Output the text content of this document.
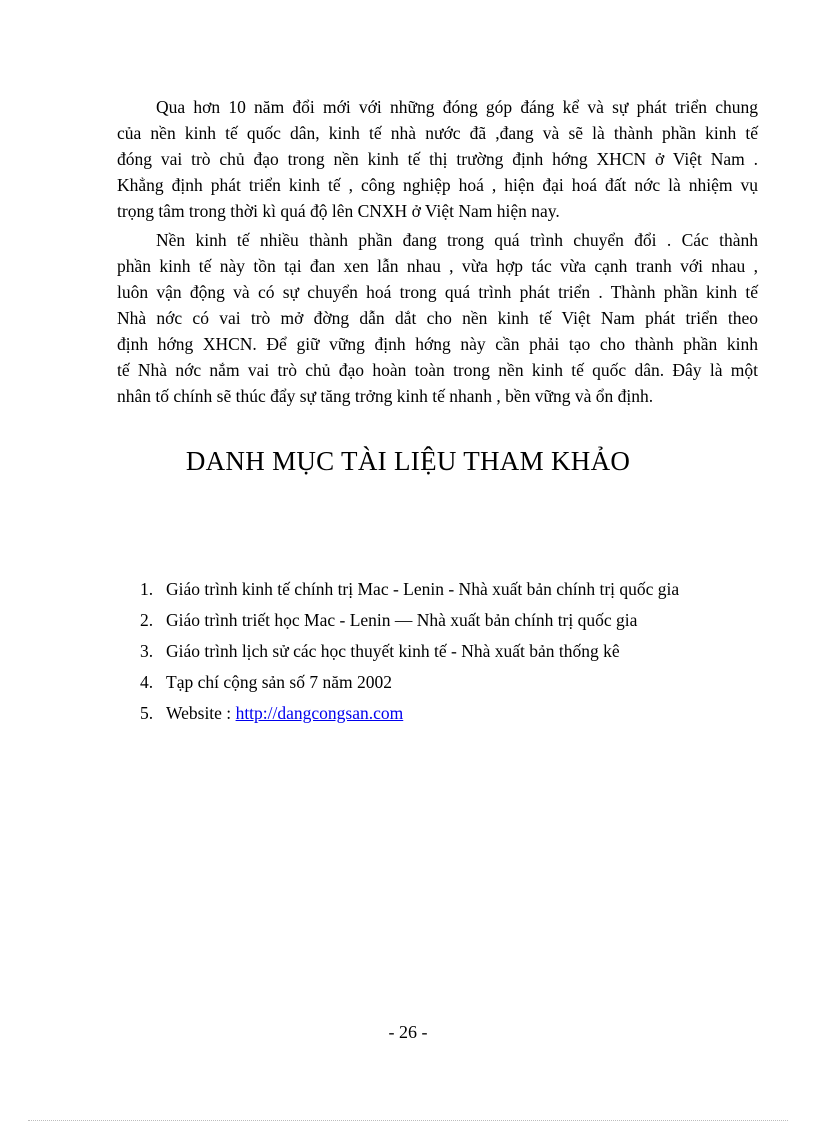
Qua hơn 10 năm đổi mới với những đóng góp đáng kể và sự phát triển chung
của nền kinh tế quốc dân, kinh tế nhà nước đã ,đang và sẽ là thành phần kinh tế
đóng vai trò chủ đạo trong nền kinh tế thị trường định hớng XHCN ở Việt Nam .
Khẳng định phát triển kinh tế , công nghiệp hoá , hiện đại hoá đất nớc là nhiệm vụ
trọng tâm trong thời kì quá độ lên CNXH ở Việt Nam hiện nay.

Nền kinh tế nhiều thành phần đang trong quá trình chuyển đổi . Các thành
phần kinh tế này tồn tại đan xen lẫn nhau , vừa hợp tác vừa cạnh tranh với nhau ,
luôn vận động và có sự chuyển hoá trong quá trình phát triển . Thành phần kinh tế
Nhà nớc có vai trò mở đờng dẫn dắt cho nền kinh tế Việt Nam phát triển theo
định hớng XHCN. Để giữ vững định hớng này cần phải tạo cho thành phần kinh
tế Nhà nớc nắm vai trò chủ đạo hoàn toàn trong nền kinh tế quốc dân. Đây là một
nhân tố chính sẽ thúc đẩy sự tăng trởng kinh tế nhanh , bền vững và ổn định.

DANH MỤC TÀI LIỆU THAM KHẢO
1. Giáo trình kinh tế chính trị Mac - Lenin - Nhà xuất bản chính trị quốc gia
2. Giáo trình triết học Mac - Lenin — Nhà xuất bản chính trị quốc gia
3. Giáo trình lịch sử các học thuyết kinh tế - Nhà xuất bản thống kê
4. Tạp chí cộng sản số 7 năm 2002
5. Website : http://dangcongsan.com
- 26 -
